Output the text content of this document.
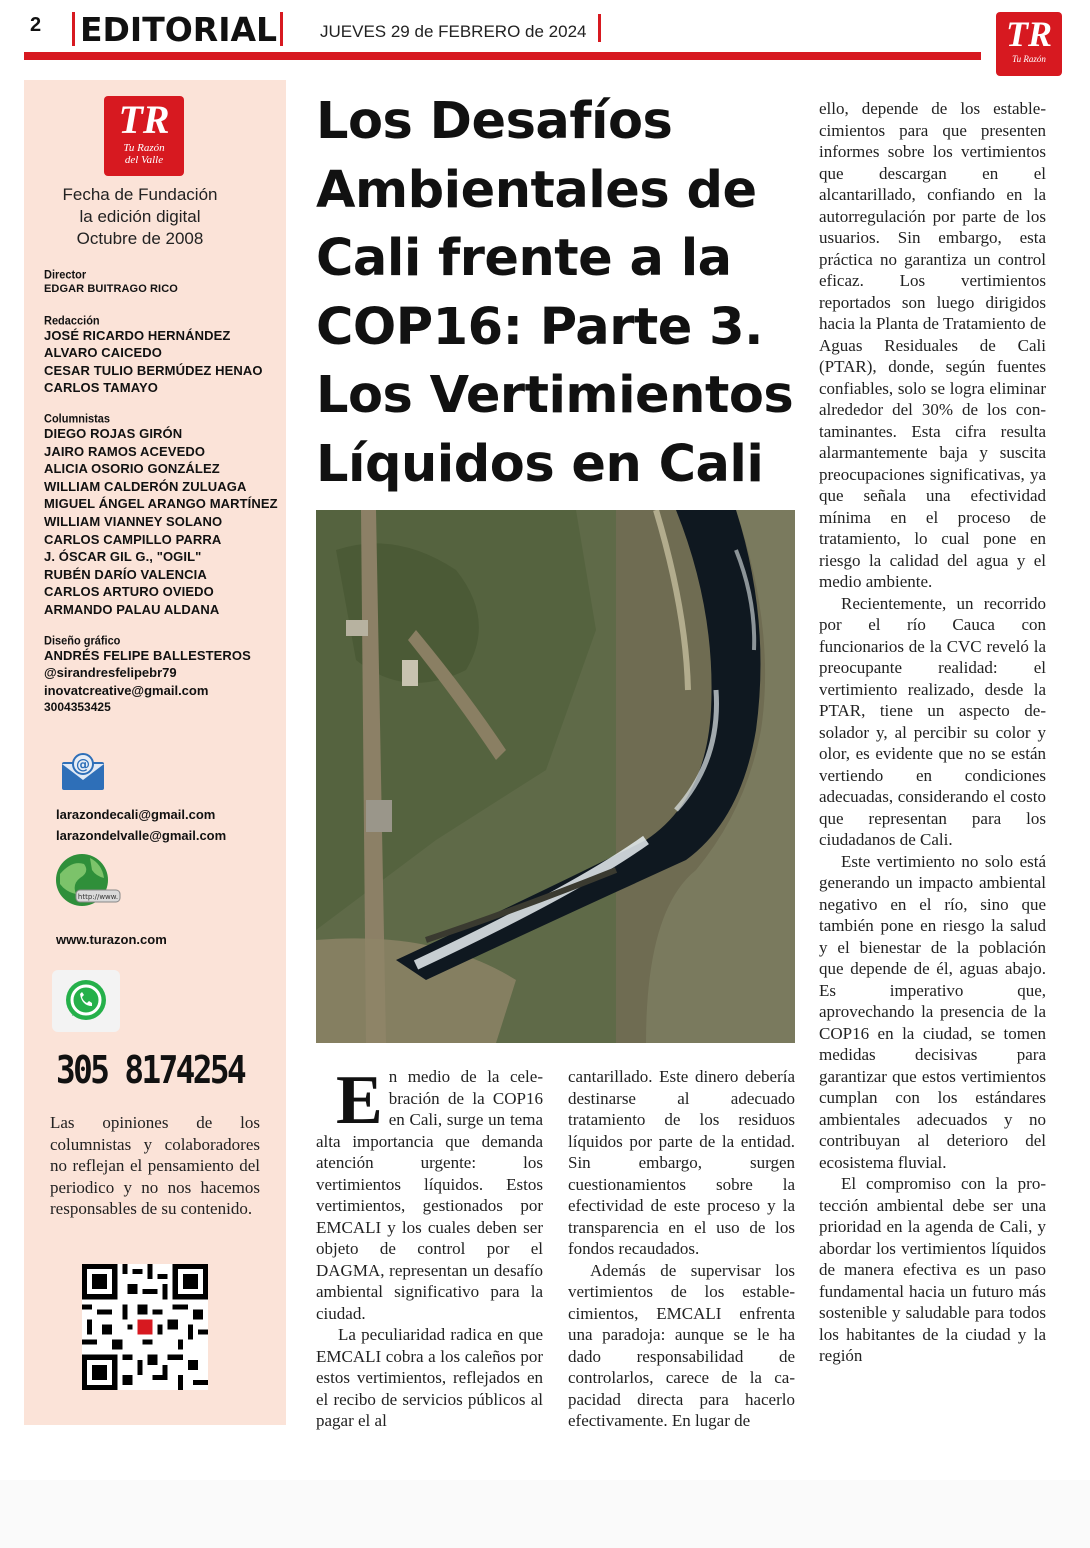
2 EDITORIAL	JUEVES 29 de FEBRERO de 2024	TR
Tu Razón
TR
Tu Razón
del Valle
Fecha de Fundación
la edición digital
Octubre de 2008
Director
EDGAR BUITRAGO RICO
Redacción
JOSÉ RICARDO HERNÁNDEZ
ALVARO CAICEDO
CESAR TULIO BERMÚDEZ HENAO
CARLOS TAMAYO
Columnistas
DIEGO ROJAS GIRÓN
JAIRO RAMOS ACEVEDO
ALICIA OSORIO GONZÁLEZ
WILLIAM CALDERÓN ZULUAGA
MIGUEL ÁNGEL ARANGO MARTÍNEZ
WILLIAM VIANNEY SOLANO
CARLOS CAMPILLO PARRA
J. ÓSCAR GIL G., "OGIL"
RUBÉN DARÍO VALENCIA
CARLOS ARTURO OVIEDO
ARMANDO PALAU ALDANA
Diseño gráfico
ANDRÉS FELIPE BALLESTEROS
@sirandresfelipebr79
inovatcreative@gmail.com
3004353425
@
larazondecali@gmail.com
larazondelvalle@gmail.com
http://www.
www.turazon.com
305 8174254
Las opiniones de los columnistas y colaboradores no reflejan el pensamiento del periodico y no nos hacemos responsables de su contenido.
Los Desafíos
Ambientales de
Cali frente a la
COP16: Parte 3.
Los Vertimientos
Líquidos en Cali
E n medio de la celebración de la COP16 en Cali, surge un tema alta importancia que demanda atención urgente: los vertimientos líquidos. Estos vertimientos, gestionados por EMCALI y los cuales deben ser objeto de control por el DAGMA, representan un desafío ambiental significativo para la ciudad.

La peculiaridad radica en que EMCALI cobra a los caleños por estos vertimientos, reflejados en el recibo de servicios públicos al pagar el al

cantarillado. Este dinero debería destinarse al adecuado tratamiento de los residuos líquidos por parte de la entidad. Sin embargo, surgen cuestionamientos sobre la efectividad de este proceso y la transparencia en el uso de los fondos recaudados.

Además de supervisar los vertimientos de los establecimientos, EMCALI enfrenta una paradoja: aunque se le ha dado responsabilidad de controlarlos, carece de la capacidad directa para hacerlo efectivamente. En lugar de

ello, depende de los establecimientos para que presenten informes sobre los vertimientos que descargan en el alcantarillado, confiando en la autorregulación por parte de los usuarios. Sin embargo, esta práctica no garantiza un control eficaz. Los vertimientos reportados son luego dirigidos hacia la Planta de Tratamiento de Aguas Residuales de Cali (PTAR), donde, según fuentes confiables, solo se logra eliminar alrededor del 30% de los contaminantes. Esta cifra resulta alarmantemente baja y suscita preocupaciones significativas, ya que señala una efectividad mínima en el proceso de tratamiento, lo cual pone en riesgo la calidad del agua y el medio ambiente.

Recientemente, un recorrido por el río Cauca con funcionarios de la CVC reveló la preocupante realidad: el vertimiento realizado, desde la PTAR, tiene un aspecto desolador y, al percibir su color y olor, es evidente que no se están vertiendo en condiciones adecuadas, considerando el costo que representan para los ciudadanos de Cali.

Este vertimiento no solo está generando un impacto ambiental negativo en el río, sino que también pone en riesgo la salud y el bienestar de la población que depende de él, aguas abajo. Es imperativo que, aprovechando la presencia de la COP16 en la ciudad, se tomen medidas decisivas para garantizar que estos vertimientos cumplan con los estándares ambientales adecuados y no contribuyan al deterioro del ecosistema fluvial.

El compromiso con la protección ambiental debe ser una prioridad en la agenda de Cali, y abordar los vertimientos líquidos de manera efectiva es un paso fundamental hacia un futuro más sostenible y saludable para todos los habitantes de la ciudad y la región
